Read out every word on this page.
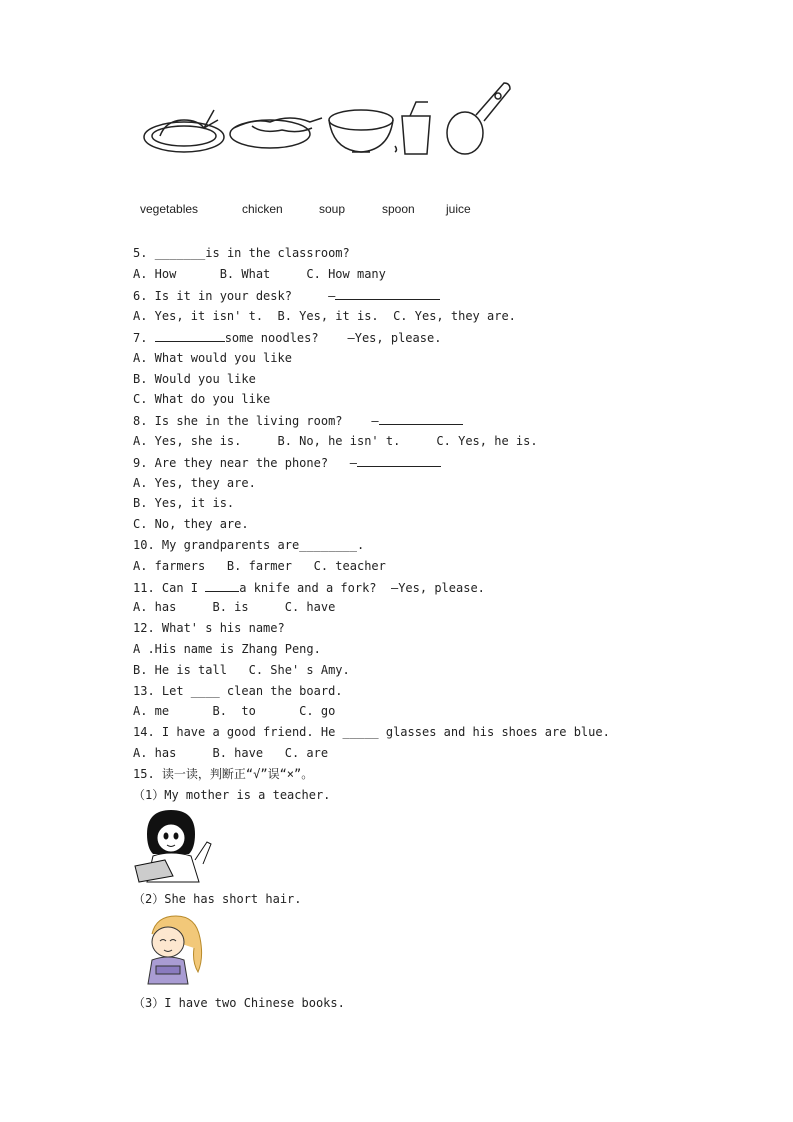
vegetables	chicken	soup	spoon	juice
5. _______is in the classroom?
A. How      B. What     C. How many
6. Is it in your desk?     —
A. Yes, it isn' t.  B. Yes, it is.  C. Yes, they are.
7.	some noodles?    —Yes, please.
A. What would you like
B. Would you like
C. What do you like
8. Is she in the living room?    —
A. Yes, she is.     B. No, he isn' t.     C. Yes, he is.
9. Are they near the phone?   —
A. Yes, they are.
B. Yes, it is.
C. No, they are.
10. My grandparents are________.
A. farmers   B. farmer   C. teacher
11. Can I	a knife and a fork?  —Yes, please.
A. has     B. is     C. have
12. What' s his name?
A .His name is Zhang Peng.
B. He is tall   C. She' s Amy.
13. Let ____ clean the board.
A. me      B.  to      C. go
14. I have a good friend. He _____ glasses and his shoes are blue.
A. has     B. have   C. are
15. 读一读，判断正“√”误“×”。
（1）My mother is a teacher.
（2）She has short hair.
（3）I have two Chinese books.
